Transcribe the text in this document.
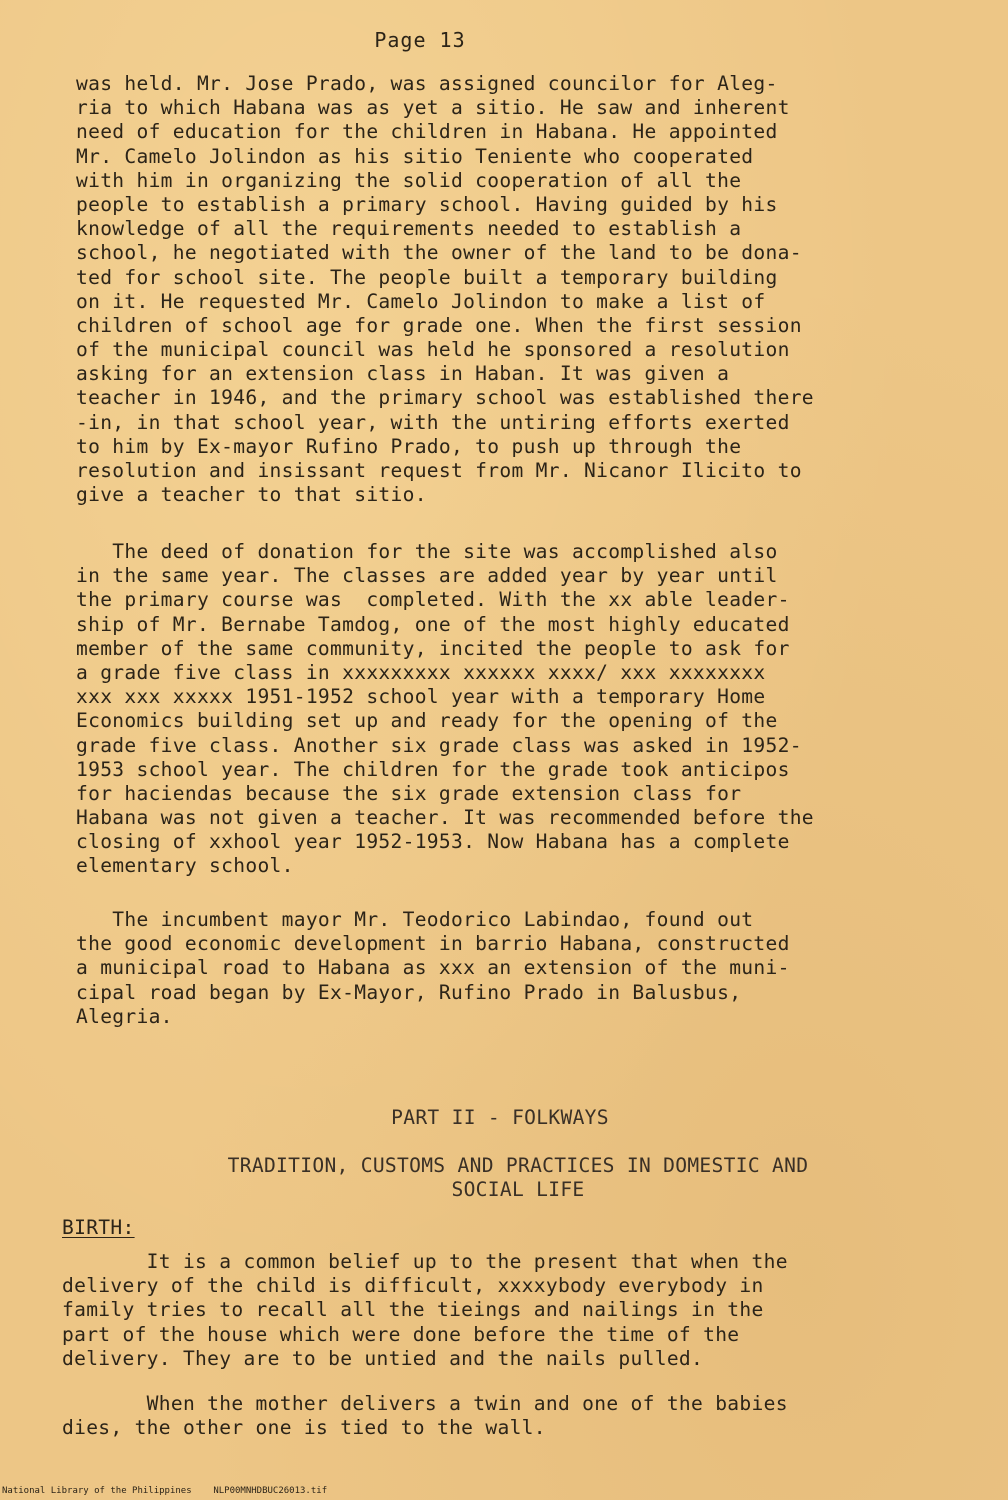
Page 13
was held. Mr. Jose Prado, was assigned councilor for Aleg-
ria to which Habana was as yet a sitio. He saw and inherent
need of education for the children in Habana. He appointed
Mr. Camelo Jolindon as his sitio Teniente who cooperated
with him in organizing the solid cooperation of all the
people to establish a primary school. Having guided by his
knowledge of all the requirements needed to establish a
school, he negotiated with the owner of the land to be dona-
ted for school site. The people built a temporary building
on it. He requested Mr. Camelo Jolindon to make a list of
children of school age for grade one. When the first session
of the municipal council was held he sponsored a resolution
asking for an extension class in Haban. It was given a
teacher in 1946, and the primary school was established there
-in, in that school year, with the untiring efforts exerted
to him by Ex-mayor Rufino Prado, to push up through the
resolution and insissant request from Mr. Nicanor Ilicito to
give a teacher to that sitio.
The deed of donation for the site was accomplished also
in the same year. The classes are added year by year until
the primary course was  completed. With the xx able leader-
ship of Mr. Bernabe Tamdog, one of the most highly educated
member of the same community, incited the people to ask for
a grade five class in xxxxxxxxx xxxxxx xxxx/ xxx xxxxxxxx
xxx xxx xxxxx 1951-1952 school year with a temporary Home
Economics building set up and ready for the opening of the
grade five class. Another six grade class was asked in 1952-
1953 school year. The children for the grade took anticipos
for haciendas because the six grade extension class for
Habana was not given a teacher. It was recommended before the
closing of xxhool year 1952-1953. Now Habana has a complete
elementary school.
The incumbent mayor Mr. Teodorico Labindao, found out
the good economic development in barrio Habana, constructed
a municipal road to Habana as xxx an extension of the muni-
cipal road began by Ex-Mayor, Rufino Prado in Balusbus,
Alegria.
PART II - FOLKWAYS
TRADITION, CUSTOMS AND PRACTICES IN DOMESTIC AND
SOCIAL LIFE
BIRTH:
It is a common belief up to the present that when the
delivery of the child is difficult, xxxxybody everybody in
family tries to recall all the tieings and nailings in the
part of the house which were done before the time of the
delivery. They are to be untied and the nails pulled.
When the mother delivers a twin and one of the babies
dies, the other one is tied to the wall.
National Library of the Philippines    NLP00MNHDBUC26013.tif
